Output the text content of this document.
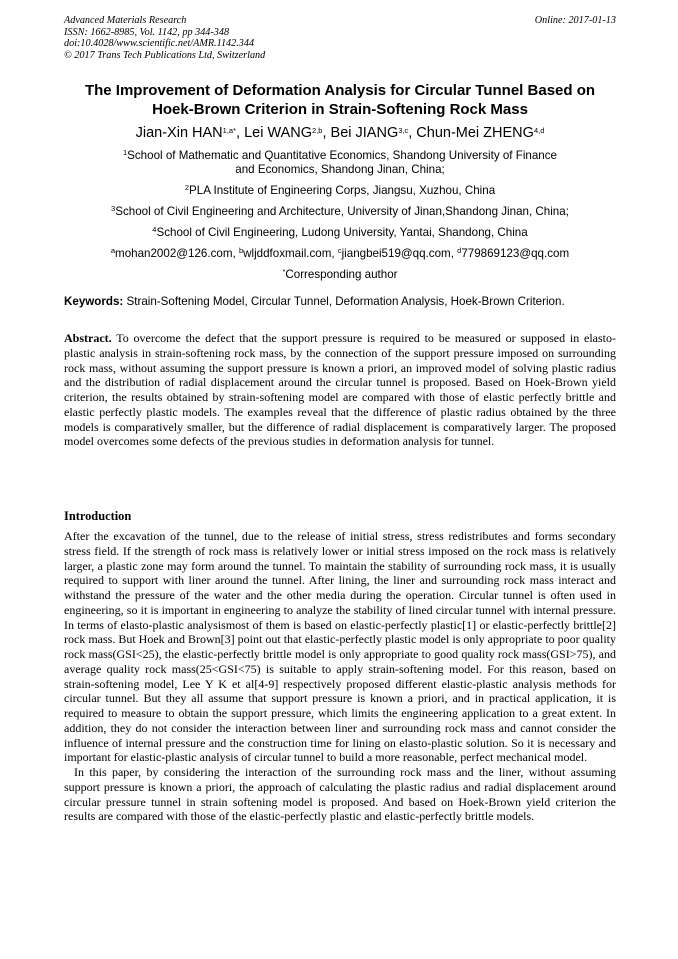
Advanced Materials Research
ISSN: 1662-8985, Vol. 1142, pp 344-348
doi:10.4028/www.scientific.net/AMR.1142.344
© 2017 Trans Tech Publications Ltd, Switzerland
Online: 2017-01-13
The Improvement of Deformation Analysis for Circular Tunnel Based on Hoek-Brown Criterion in Strain-Softening Rock Mass
Jian-Xin $HAN^{1,a*}$, Lei WANG$^{2,b}$, Bei JIANG$^{3,c}$, Chun-Mei ZHENG$^{4,d}$
$^1$School of Mathematic and Quantitative Economics, Shandong University of Finance
and Economics, Shandong Jinan, China;
$^2$PLA Institute of Engineering Corps, Jiangsu, Xuzhou, China
$^3$School of Civil Engineering and Architecture, University of Jinan,Shandong Jinan, China;
$^4$School of Civil Engineering, Ludong University, Yantai, Shandong, China
$^a$mohan2002@126.com, $^b$wljddfoxmail.com, $^c$jiangbei519@qq.com, $^d$779869123@qq.com
*Corresponding author
Keywords: Strain-Softening Model, Circular Tunnel, Deformation Analysis, Hoek-Brown Criterion.
Abstract. To overcome the defect that the support pressure is required to be measured or supposed in elasto-plastic analysis in strain-softening rock mass, by the connection of the support pressure imposed on surrounding rock mass, without assuming the support pressure is known a priori, an improved model of solving plastic radius and the distribution of radial displacement around the circular tunnel is proposed. Based on Hoek-Brown yield criterion, the results obtained by strain-softening model are compared with those of elastic perfectly brittle and elastic perfectly plastic models. The examples reveal that the difference of plastic radius obtained by the three models is comparatively smaller, but the difference of radial displacement is comparatively larger. The proposed model overcomes some defects of the previous studies in deformation analysis for tunnel.
Introduction

After the excavation of the tunnel, due to the release of initial stress, stress redistributes and forms secondary stress field. If the strength of rock mass is relatively lower or initial stress imposed on the rock mass is relatively larger, a plastic zone may form around the tunnel. To maintain the stability of surrounding rock mass, it is usually required to support with liner around the tunnel. After lining, the liner and surrounding rock mass interact and withstand the pressure of the water and the other media during the operation. Circular tunnel is often used in engineering, so it is important in engineering to analyze the stability of lined circular tunnel with internal pressure. In terms of elasto-plastic analysismost of them is based on elastic-perfectly plastic[1] or elastic-perfectly brittle[2] rock mass. But Hoek and Brown[3] point out that elastic-perfectly plastic model is only appropriate to poor quality rock mass(GSI<25), the elastic-perfectly brittle model is only appropriate to good quality rock mass(GSI>75), and average quality rock mass(25<GSI<75) is suitable to apply strain-softening model. For this reason, based on strain-softening model, Lee Y K et al[4-9] respectively proposed different elastic-plastic analysis methods for circular tunnel. But they all assume that support pressure is known a priori, and in practical application, it is required to measure to obtain the support pressure, which limits the engineering application to a great extent. In addition, they do not consider the interaction between liner and surrounding rock mass and cannot consider the influence of internal pressure and the construction time for lining on elasto-plastic solution. So it is necessary and important for elastic-plastic analysis of circular tunnel to build a more reasonable, perfect mechanical model.

In this paper, by considering the interaction of the surrounding rock mass and the liner, without assuming support pressure is known a priori, the approach of calculating the plastic radius and radial displacement around circular pressure tunnel in strain softening model is proposed. And based on Hoek-Brown yield criterion the results are compared with those of the elastic-perfectly plastic and elastic-perfectly brittle models.
